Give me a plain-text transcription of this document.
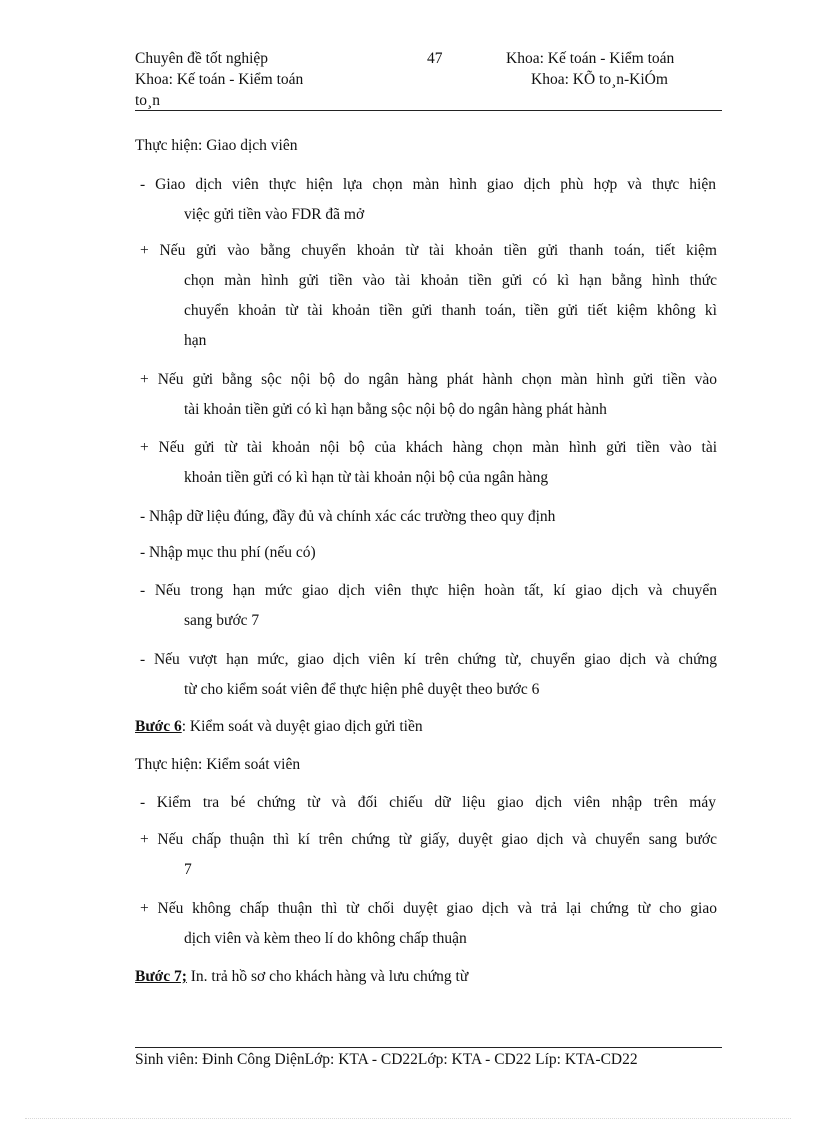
Chuyên đề tốt nghiệp
Khoa: Kế toán - Kiểm toán
to¸n
47	Khoa: Kế toán - Kiểm toán
Khoa: KÕ to¸n-KiÓm
Thực hiện: Giao dịch viên
- Giao dịch viên thực hiện lựa chọn màn hình giao dịch phù hợp và thực hiện
việc gửi tiền vào FDR đã mở
+ Nếu gửi vào bằng chuyển khoản từ tài khoản tiền gửi thanh toán, tiết kiệm
chọn màn hình gửi tiền vào tài khoản tiền gửi có kì hạn bằng hình thức
chuyển khoản từ tài khoản tiền gửi thanh toán, tiền gửi tiết kiệm không kì
hạn
+ Nếu gửi bằng sộc nội bộ do ngân hàng phát hành chọn màn hình gửi tiền vào
tài khoản tiền gửi có kì hạn bằng sộc nội bộ do ngân hàng phát hành
+ Nếu gửi từ tài khoản nội bộ của khách hàng chọn màn hình gửi tiền vào tài
khoản tiền gửi có kì hạn từ tài khoản nội bộ của ngân hàng
- Nhập dữ liệu đúng, đầy đủ và chính xác các trường theo quy định
- Nhập mục thu phí (nếu có)
- Nếu trong hạn mức giao dịch viên thực hiện hoàn tất, kí giao dịch và chuyển
sang bước 7
- Nếu vượt hạn mức, giao dịch viên kí trên chứng từ, chuyển giao dịch và chứng
từ cho kiểm soát viên để thực hiện phê duyệt theo bước 6
Bước 6: Kiểm soát và duyệt giao dịch gửi tiền
Thực hiện: Kiểm soát viên
- Kiểm tra bé chứng từ và đối chiếu dữ liệu giao dịch viên nhập trên máy
+ Nếu chấp thuận thì kí trên chứng từ giấy, duyệt giao dịch và chuyển sang bước
7
+ Nếu không chấp thuận thì từ chối duyệt giao dịch và trả lại chứng từ cho giao
dịch viên và kèm theo lí do không chấp thuận
Bước 7; In. trả hồ sơ cho khách hàng và lưu chứng từ
Sinh viên: Đinh Công DiệnLớp: KTA - CD22Lớp: KTA - CD22 Líp: KTA-CD22
